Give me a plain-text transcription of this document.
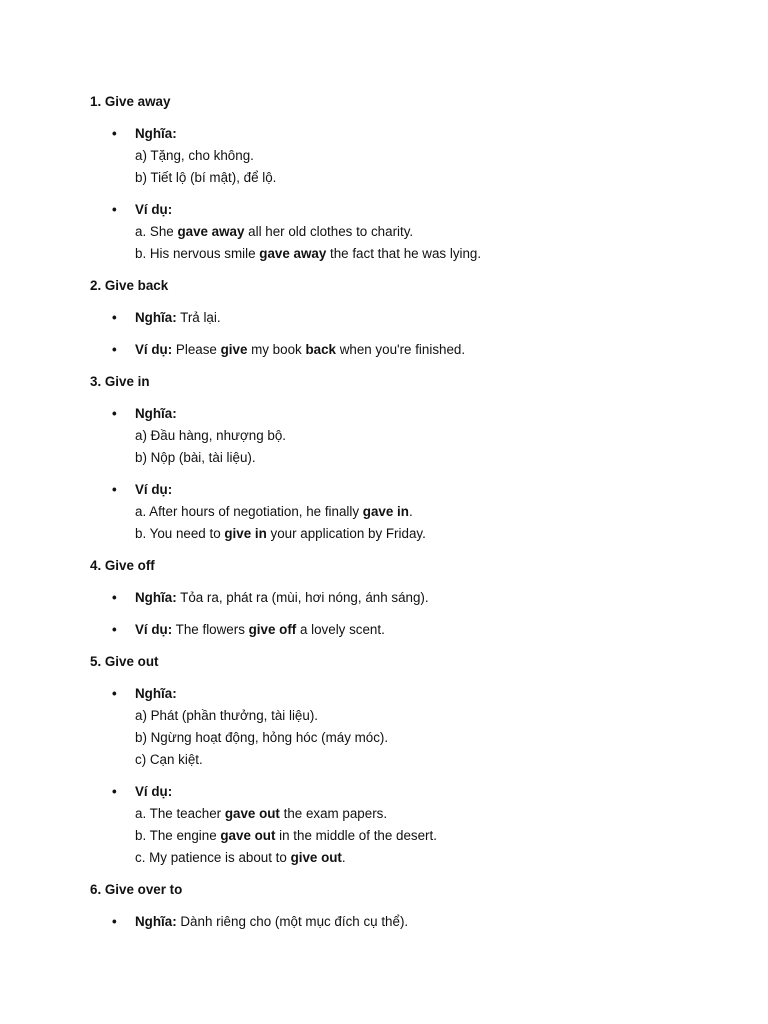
1. Give away
• Nghĩa:
a) Tặng, cho không.
b) Tiết lộ (bí mật), để lộ.
• Ví dụ:
a. She gave away all her old clothes to charity.
b. His nervous smile gave away the fact that he was lying.
2. Give back
• Nghĩa: Trả lại.
• Ví dụ: Please give my book back when you're finished.
3. Give in
• Nghĩa:
a) Đầu hàng, nhượng bộ.
b) Nộp (bài, tài liệu).
• Ví dụ:
a. After hours of negotiation, he finally gave in.
b. You need to give in your application by Friday.
4. Give off
• Nghĩa: Tỏa ra, phát ra (mùi, hơi nóng, ánh sáng).
• Ví dụ: The flowers give off a lovely scent.
5. Give out
• Nghĩa:
a) Phát (phần thưởng, tài liệu).
b) Ngừng hoạt động, hỏng hóc (máy móc).
c) Cạn kiệt.
• Ví dụ:
a. The teacher gave out the exam papers.
b. The engine gave out in the middle of the desert.
c. My patience is about to give out.
6. Give over to
• Nghĩa: Dành riêng cho (một mục đích cụ thể).
